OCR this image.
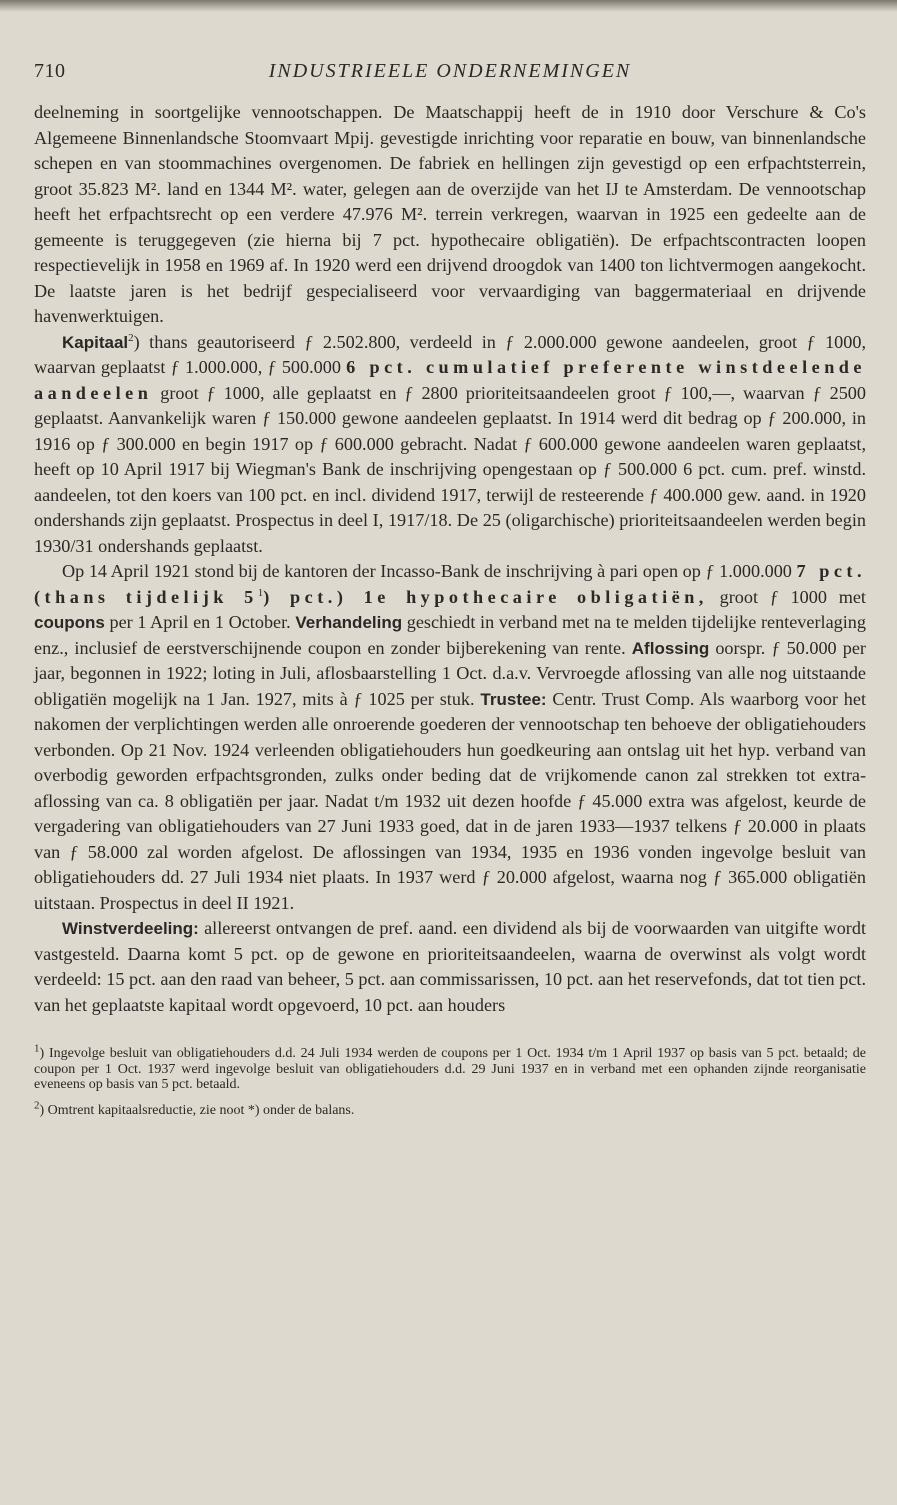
710	INDUSTRIEELE ONDERNEMINGEN

deelneming in soortgelijke vennootschappen. De Maatschappij heeft de in 1910 door Verschure & Co's Algemeene Binnenlandsche Stoomvaart Mpij. gevestigde inrichting voor reparatie en bouw, van binnenlandsche schepen en van stoommachines overgenomen. De fabriek en hellingen zijn gevestigd op een erfpachtsterrein, groot 35.823 M². land en 1344 M². water, gelegen aan de overzijde van het IJ te Amsterdam. De vennootschap heeft het erfpachtsrecht op een verdere 47.976 M². terrein verkregen, waarvan in 1925 een gedeelte aan de gemeente is teruggegeven (zie hierna bij 7 pct. hypothecaire obligatiën). De erfpachtscontracten loopen respectievelijk in 1958 en 1969 af. In 1920 werd een drijvend droogdok van 1400 ton lichtvermogen aangekocht. De laatste jaren is het bedrijf gespecialiseerd voor vervaardiging van baggermateriaal en drijvende havenwerktuigen.

Kapitaal$^2$) thans geautoriseerd ƒ 2.502.800, verdeeld in ƒ 2.000.000 gewone aandeelen, groot ƒ 1000, waarvan geplaatst ƒ 1.000.000, ƒ 500.000 6 pct. cumulatief preferente winstdeelende aandeelen groot ƒ 1000, alle geplaatst en ƒ 2800 prioriteitsaandeelen groot ƒ 100,—, waarvan ƒ 2500 geplaatst. Aanvankelijk waren ƒ 150.000 gewone aandeelen geplaatst. In 1914 werd dit bedrag op ƒ 200.000, in 1916 op ƒ 300.000 en begin 1917 op ƒ 600.000 gebracht. Nadat ƒ 600.000 gewone aandeelen waren geplaatst, heeft op 10 April 1917 bij Wiegman's Bank de inschrijving opengestaan op ƒ 500.000 6 pct. cum. pref. winstd. aandeelen, tot den koers van 100 pct. en incl. dividend 1917, terwijl de resteerende ƒ 400.000 gew. aand. in 1920 ondershands zijn geplaatst. Prospectus in deel I, 1917/18. De 25 (oligarchische) prioriteitsaandeelen werden begin 1930/31 ondershands geplaatst.

Op 14 April 1921 stond bij de kantoren der Incasso-Bank de inschrijving à pari open op ƒ 1.000.000 7 pct. (thans tijdelijk $5^1$) pct.) 1e hypothecaire obligatiën, groot ƒ 1000 met coupons per 1 April en 1 October. Verhandeling geschiedt in verband met na te melden tijdelijke renteverlaging enz., inclusief de eerstverschijnende coupon en zonder bijberekening van rente. Aflossing oorspr. ƒ 50.000 per jaar, begonnen in 1922; loting in Juli, aflosbaarstelling 1 Oct. d.a.v. Vervroegde aflossing van alle nog uitstaande obligatiën mogelijk na 1 Jan. 1927, mits à ƒ 1025 per stuk. Trustee: Centr. Trust Comp. Als waarborg voor het nakomen der verplichtingen werden alle onroerende goederen der vennootschap ten behoeve der obligatiehouders verbonden. Op 21 Nov. 1924 verleenden obligatiehouders hun goedkeuring aan ontslag uit het hyp. verband van overbodig geworden erfpachtsgronden, zulks onder beding dat de vrijkomende canon zal strekken tot extra-aflossing van ca. 8 obligatiën per jaar. Nadat t/m 1932 uit dezen hoofde ƒ 45.000 extra was afgelost, keurde de vergadering van obligatiehouders van 27 Juni 1933 goed, dat in de jaren 1933—1937 telkens ƒ 20.000 in plaats van ƒ 58.000 zal worden afgelost. De aflossingen van 1934, 1935 en 1936 vonden ingevolge besluit van obligatiehouders dd. 27 Juli 1934 niet plaats. In 1937 werd ƒ 20.000 afgelost, waarna nog ƒ 365.000 obligatiën uitstaan. Prospectus in deel II 1921.

Winstverdeeling: allereerst ontvangen de pref. aand. een dividend als bij de voorwaarden van uitgifte wordt vastgesteld. Daarna komt 5 pct. op de gewone en prioriteitsaandeelen, waarna de overwinst als volgt wordt verdeeld: 15 pct. aan den raad van beheer, 5 pct. aan commissarissen, 10 pct. aan het reservefonds, dat tot tien pct. van het geplaatste kapitaal wordt opgevoerd, 10 pct. aan houders

$^1$) Ingevolge besluit van obligatiehouders d.d. 24 Juli 1934 werden de coupons per 1 Oct. 1934 t/m 1 April 1937 op basis van 5 pct. betaald; de coupon per 1 Oct. 1937 werd ingevolge besluit van obligatiehouders d.d. 29 Juni 1937 en in verband met een ophanden zijnde reorganisatie eveneens op basis van 5 pct. betaald.

$^2$) Omtrent kapitaalsreductie, zie noot *) onder de balans.
